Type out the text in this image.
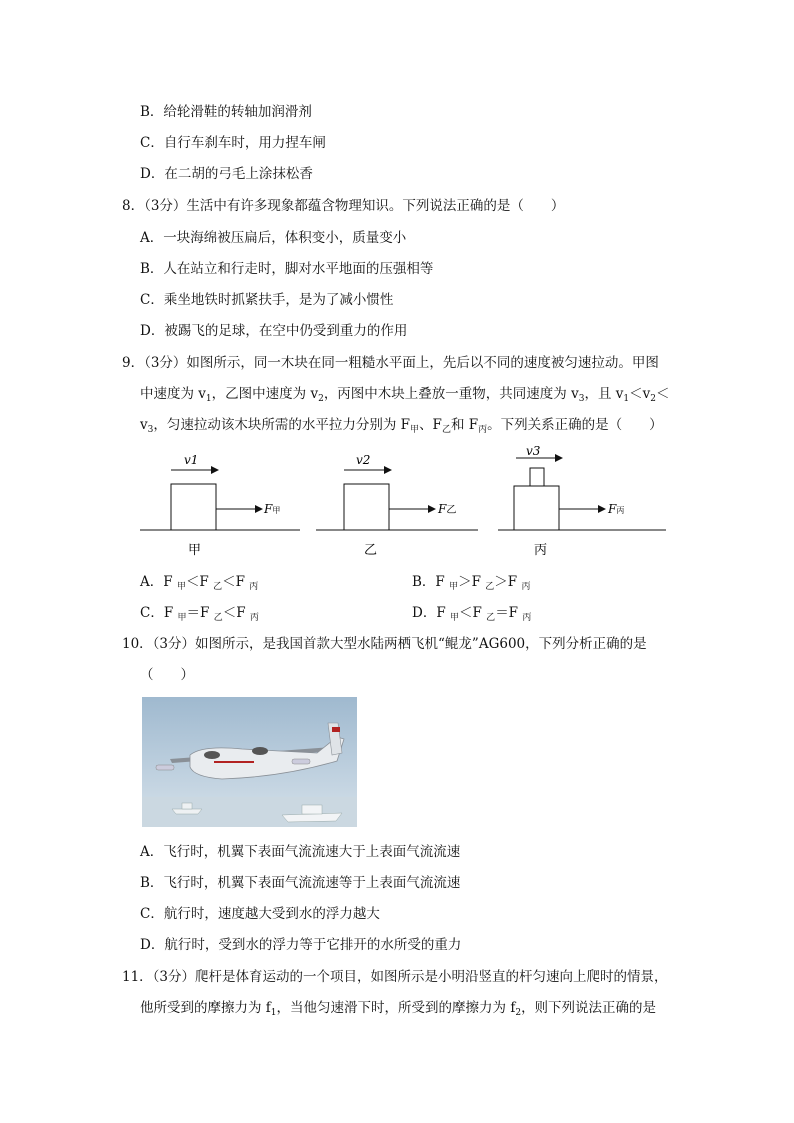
B．给轮滑鞋的转轴加润滑剂
C．自行车刹车时，用力捏车闸
D．在二胡的弓毛上涂抹松香
8．（3分）生活中有许多现象都蕴含物理知识。下列说法正确的是（　　）
A．一块海绵被压扁后，体积变小，质量变小
B．人在站立和行走时，脚对水平地面的压强相等
C．乘坐地铁时抓紧扶手，是为了减小惯性
D．被踢飞的足球，在空中仍受到重力的作用
9．（3分）如图所示，同一木块在同一粗糙水平面上，先后以不同的速度被匀速拉动。甲图
中速度为 $v_1$，乙图中速度为 $v_2$，丙图中木块上叠放一重物，共同速度为 $v_3$，且 $v_1<v_2<$
$v_3$，匀速拉动该木块所需的水平拉力分别为 $F_甲$、$F_乙$和 $F_丙$。下列关系正确的是（　　）
v1
F甲
甲
v2
F乙
乙
v3
F丙
丙
A．F $_甲$＜F $_乙$＜F $_丙$	B．F $_甲$＞F $_乙$＞F $_丙$
C．F $_甲$＝F $_乙$＜F $_丙$	D．F $_甲$＜F $_乙$＝F $_丙$
10．（3分）如图所示，是我国首款大型水陆两栖飞机“鲲龙”AG600，下列分析正确的是
（　　）
A．飞行时，机翼下表面气流流速大于上表面气流流速
B．飞行时，机翼下表面气流流速等于上表面气流流速
C．航行时，速度越大受到水的浮力越大
D．航行时，受到水的浮力等于它排开的水所受的重力
11．（3分）爬杆是体育运动的一个项目，如图所示是小明沿竖直的杆匀速向上爬时的情景，
他所受到的摩擦力为 $f_1$，当他匀速滑下时，所受到的摩擦力为 $f_2$，则下列说法正确的是
